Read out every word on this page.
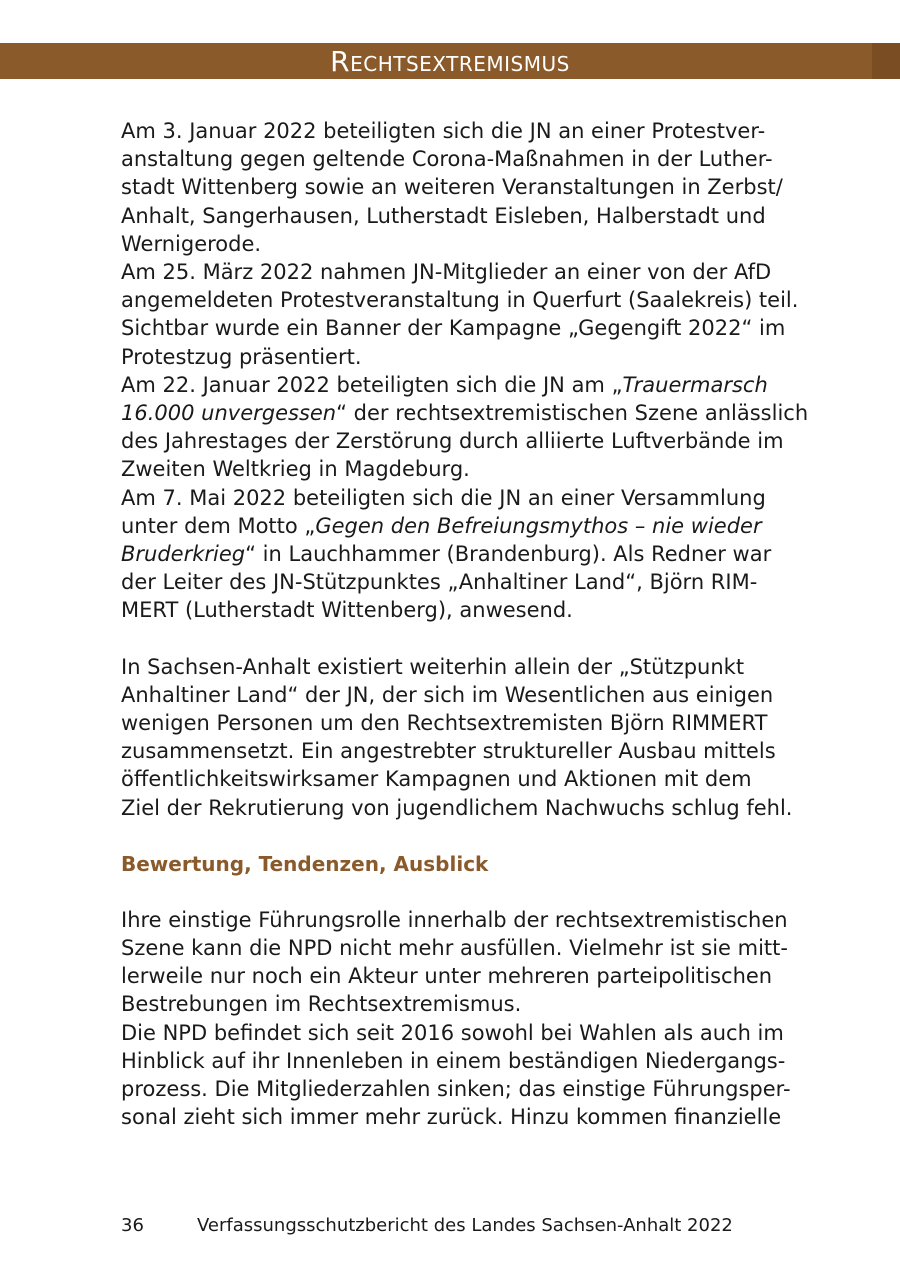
Rechtsextremismus

Am 3. Januar 2022 beteiligten sich die JN an einer Protestver-
anstaltung gegen geltende Corona-Maßnahmen in der Luther-
stadt Wittenberg sowie an weiteren Veranstaltungen in Zerbst/
Anhalt, Sangerhausen, Lutherstadt Eisleben, Halberstadt und
Wernigerode.

Am 25. März 2022 nahmen JN-Mitglieder an einer von der AfD
angemeldeten Protestveranstaltung in Querfurt (Saalekreis) teil.
Sichtbar wurde ein Banner der Kampagne „Gegengift 2022“ im
Protestzug präsentiert.

Am 22. Januar 2022 beteiligten sich die JN am „Trauermarsch
16.000 unvergessen“ der rechtsextremistischen Szene anlässlich
des Jahrestages der Zerstörung durch alliierte Luftverbände im
Zweiten Weltkrieg in Magdeburg.

Am 7. Mai 2022 beteiligten sich die JN an einer Versammlung
unter dem Motto „Gegen den Befreiungsmythos – nie wieder
Bruderkrieg“ in Lauchhammer (Brandenburg). Als Redner war
der Leiter des JN-Stützpunktes „Anhaltiner Land“, Björn RIM-
MERT (Lutherstadt Wittenberg), anwesend.

In Sachsen-Anhalt existiert weiterhin allein der „Stützpunkt
Anhaltiner Land“ der JN, der sich im Wesentlichen aus einigen
wenigen Personen um den Rechtsextremisten Björn RIMMERT
zusammensetzt. Ein angestrebter struktureller Ausbau mittels
öffentlichkeitswirksamer Kampagnen und Aktionen mit dem
Ziel der Rekrutierung von jugendlichem Nachwuchs schlug fehl.

Bewertung, Tendenzen, Ausblick

Ihre einstige Führungsrolle innerhalb der rechtsextremistischen
Szene kann die NPD nicht mehr ausfüllen. Vielmehr ist sie mitt-
lerweile nur noch ein Akteur unter mehreren parteipolitischen
Bestrebungen im Rechtsextremismus.

Die NPD befindet sich seit 2016 sowohl bei Wahlen als auch im
Hinblick auf ihr Innenleben in einem beständigen Niedergangs-
prozess. Die Mitgliederzahlen sinken; das einstige Führungsper-
sonal zieht sich immer mehr zurück. Hinzu kommen finanzielle

36	Verfassungsschutzbericht des Landes Sachsen-Anhalt 2022
